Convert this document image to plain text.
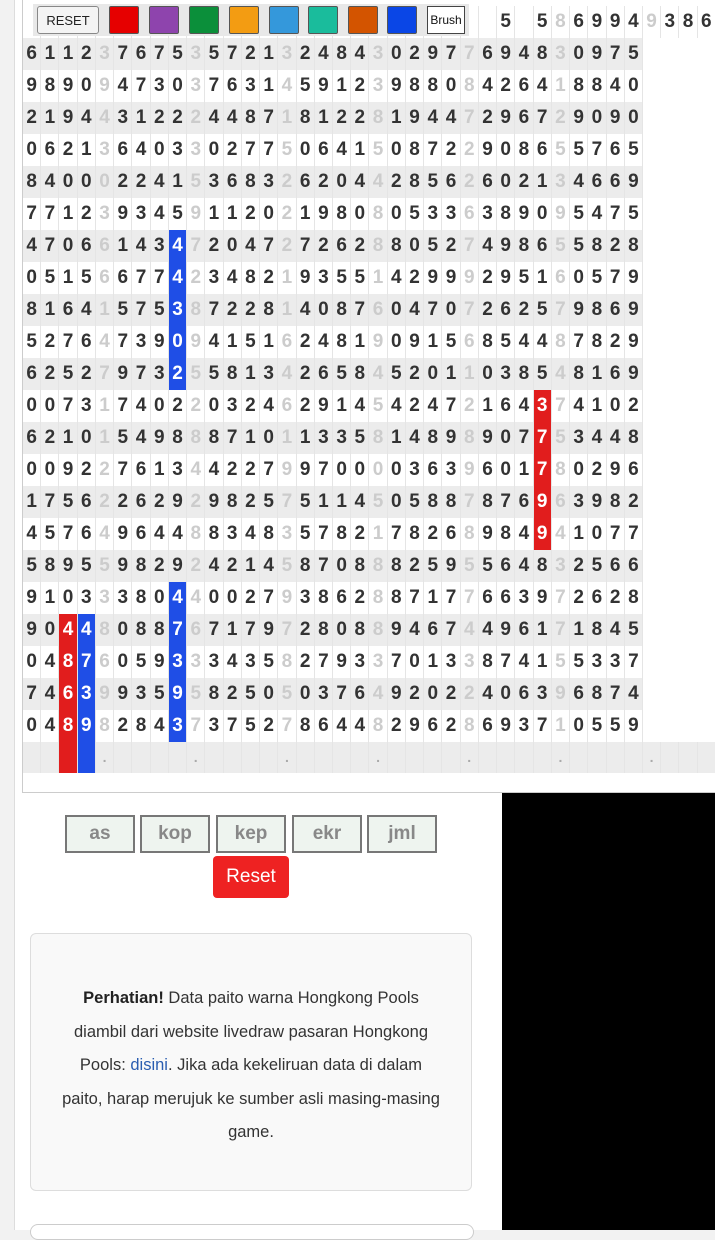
																										5		5	8	6	9	9	4	9	3	8	6
6	1	1	2	3	7	6	7	5	3	5	7	2	1	3	2	4	8	4	3	0	2	9	7	7	6	9	4	8	3	0	9	7	5				
9	8	9	0	9	4	7	3	0	3	7	6	3	1	4	5	9	1	2	3	9	8	8	0	8	4	2	6	4	1	8	8	4	0				
2	1	9	4	4	3	1	2	2	2	4	4	8	7	1	8	1	2	2	8	1	9	4	4	7	2	9	6	7	2	9	0	9	0				
0	6	2	1	3	6	4	0	3	3	0	2	7	7	5	0	6	4	1	5	0	8	7	2	2	9	0	8	6	5	5	7	6	5				
8	4	0	0	0	2	2	4	1	5	3	6	8	3	2	6	2	0	4	4	2	8	5	6	2	6	0	2	1	3	4	6	6	9				
7	7	1	2	3	9	3	4	5	9	1	1	2	0	2	1	9	8	0	8	0	5	3	3	6	3	8	9	0	9	5	4	7	5				
4	7	0	6	6	1	4	3	4	7	2	0	4	7	2	7	2	6	2	8	8	0	5	2	7	4	9	8	6	5	5	8	2	8				
0	5	1	5	6	6	7	7	4	2	3	4	8	2	1	9	3	5	5	1	4	2	9	9	9	2	9	5	1	6	0	5	7	9				
8	1	6	4	1	5	7	5	3	8	7	2	2	8	1	4	0	8	7	6	0	4	7	0	7	2	6	2	5	7	9	8	6	9				
5	2	7	6	4	7	3	9	0	9	4	1	5	1	6	2	4	8	1	9	0	9	1	5	6	8	5	4	4	8	7	8	2	9				
6	2	5	2	7	9	7	3	2	5	5	8	1	3	4	2	6	5	8	4	5	2	0	1	1	0	3	8	5	4	8	1	6	9				
0	0	7	3	1	7	4	0	2	2	0	3	2	4	6	2	9	1	4	5	4	2	4	7	2	1	6	4	3	7	4	1	0	2				
6	2	1	0	1	5	4	9	8	8	8	7	1	0	1	1	3	3	5	8	1	4	8	9	8	9	0	7	7	5	3	4	4	8				
0	0	9	2	2	7	6	1	3	4	4	2	2	7	9	9	7	0	0	0	0	3	6	3	9	6	0	1	7	8	0	2	9	6				
1	7	5	6	2	2	6	2	9	2	9	8	2	5	7	5	1	1	4	5	0	5	8	8	7	8	7	6	9	6	3	9	8	2				
4	5	7	6	4	9	6	4	4	8	8	3	4	8	3	5	7	8	2	1	7	8	2	6	8	9	8	4	9	4	1	0	7	7				
5	8	9	5	5	9	8	2	9	2	4	2	1	4	5	8	7	0	8	8	8	2	5	9	5	5	6	4	8	3	2	5	6	6				
9	1	0	3	3	3	8	0	4	4	0	0	2	7	9	3	8	6	2	8	8	7	1	7	7	6	6	3	9	7	2	6	2	8				
9	0	4	4	8	0	8	8	7	6	7	1	7	9	7	2	8	0	8	8	9	4	6	7	4	4	9	6	1	7	1	8	4	5				
0	4	8	7	6	0	5	9	3	3	3	4	3	5	8	2	7	9	3	3	7	0	1	3	3	8	7	4	1	5	5	3	3	7				
7	4	6	3	9	9	3	5	9	5	8	2	5	0	5	0	3	7	6	4	9	2	0	2	2	4	0	6	3	9	6	8	7	4				
0	4	8	9	8	2	8	4	3	7	3	7	5	2	7	8	6	4	4	8	2	9	6	2	8	6	9	3	7	1	0	5	5	9				
				.					.					.					.					.					.					.			
RESET	Brush
as	kop	kep	ekr	jml
Reset
Perhatian! Data paito warna Hongkong Pools diambil dari website livedraw pasaran Hongkong Pools: disini. Jika ada kekeliruan data di dalam paito, harap merujuk ke sumber asli masing-masing game.
